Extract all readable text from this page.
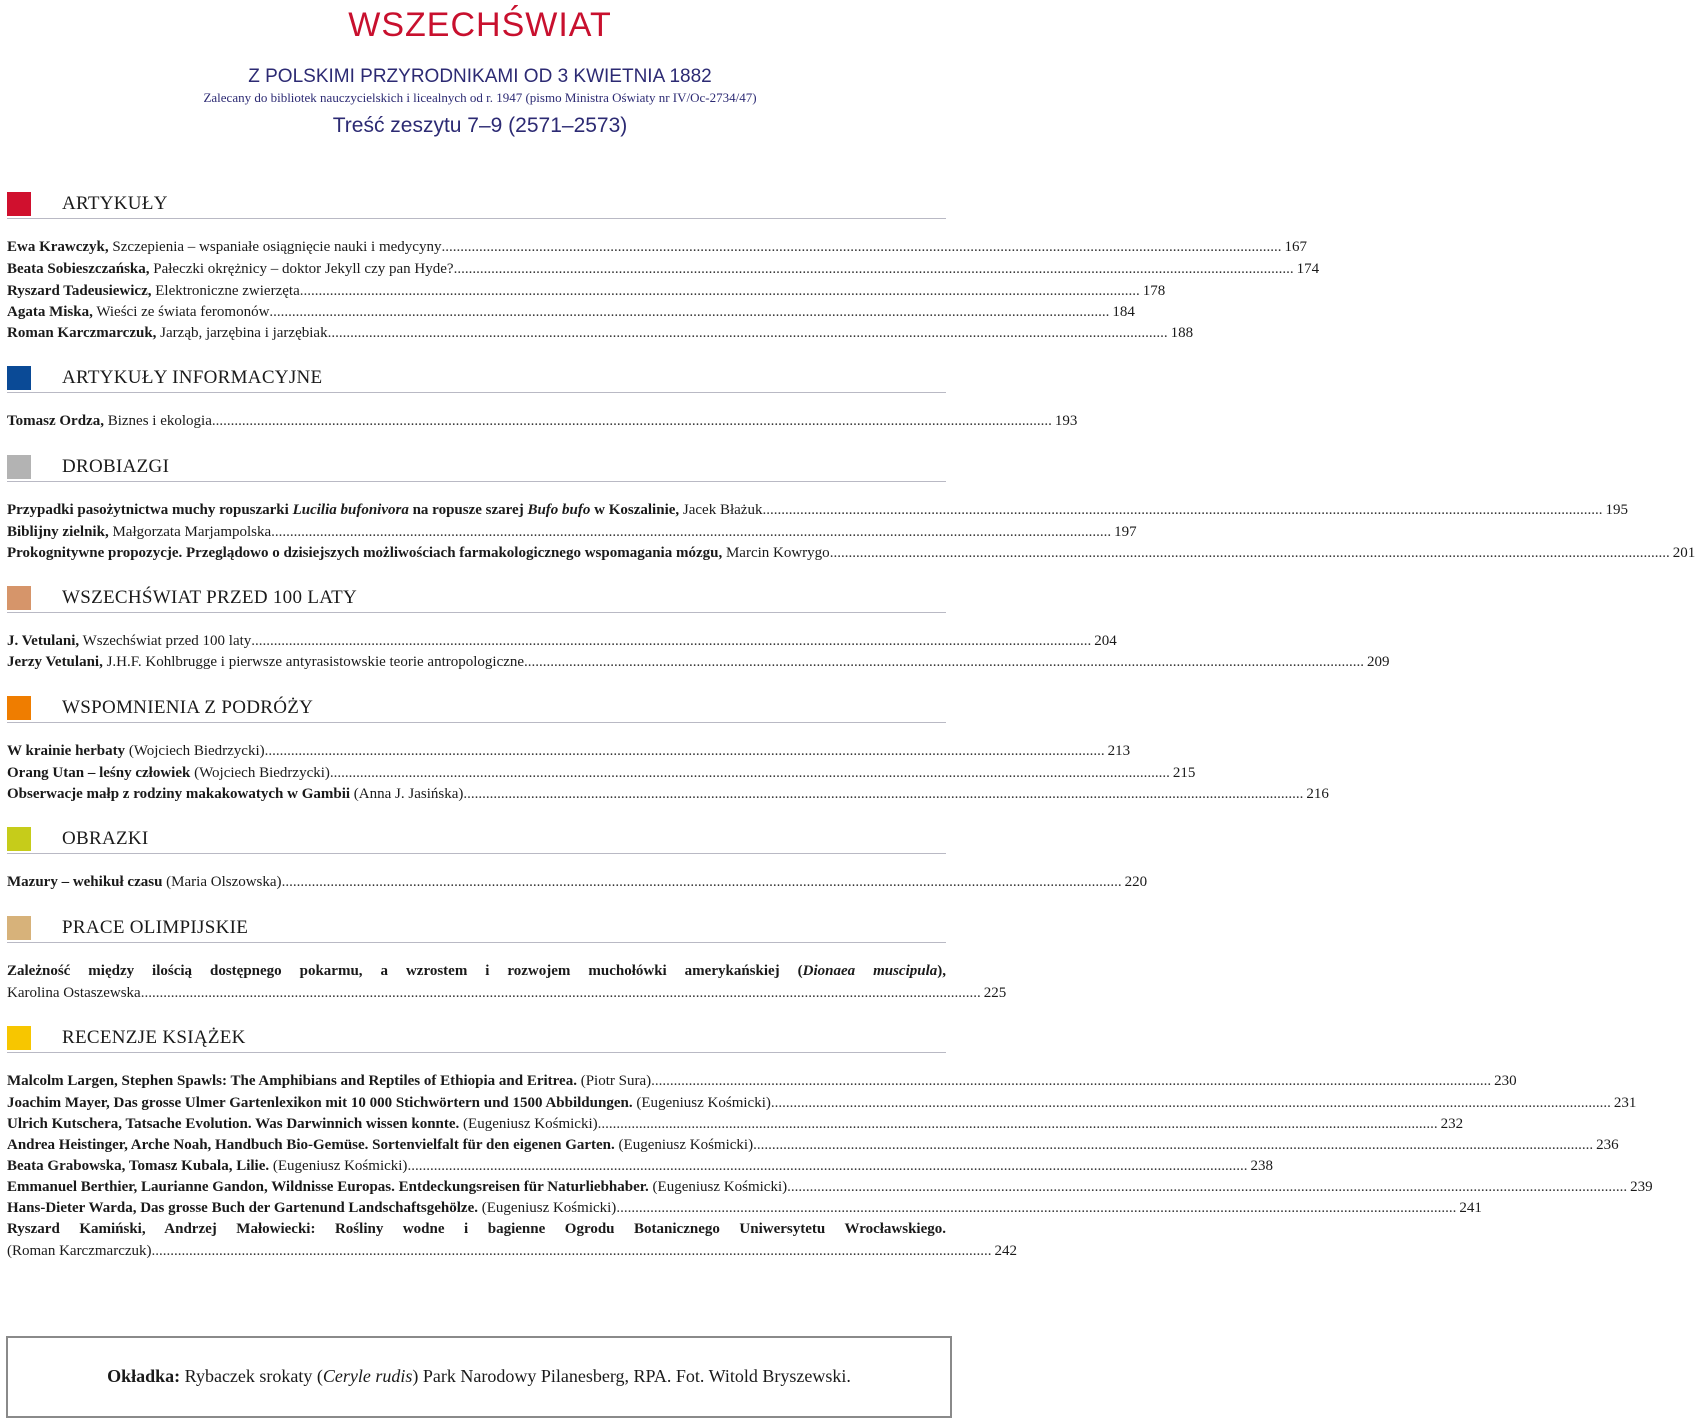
WSZECHŚWIAT
Z POLSKIMI PRZYRODNIKAMI OD 3 KWIETNIA 1882
Zalecany do bibliotek nauczycielskich i licealnych od r. 1947 (pismo Ministra Oświaty nr IV/Oc-2734/47)
Treść zeszytu 7–9 (2571–2573)
ARTYKUŁY
Ewa Krawczyk, Szczepienia – wspaniałe osiągnięcie nauki i medycyny .....	167
Beata Sobieszczańska, Pałeczki okrężnicy – doktor Jekyll czy pan Hyde? .....	174
Ryszard Tadeusiewicz, Elektroniczne zwierzęta .....	178
Agata Miska, Wieści ze świata feromonów .....	184
Roman Karczmarczuk, Jarząb, jarzębina i jarzębiak .....	188
ARTYKUŁY INFORMACYJNE
Tomasz Ordza, Biznes i ekologia .....	193
DROBIAZGI
Przypadki pasożytnictwa muchy ropuszarki Lucilia bufonivora na ropusze szarej Bufo bufo w Koszalinie, Jacek Błażuk .....	195
Biblijny zielnik, Małgorzata Marjampolska .....	197
Prokognitywne propozycje. Przeglądowo o dzisiejszych możliwościach farmakologicznego wspomagania mózgu, Marcin Kowrygo .....	201
WSZECHŚWIAT PRZED 100 LATY
J. Vetulani, Wszechświat przed 100 laty .....	204
Jerzy Vetulani, J.H.F. Kohlbrugge i pierwsze antyrasistowskie teorie antropologiczne .....	209
WSPOMNIENIA Z PODRÓŻY
W krainie herbaty (Wojciech Biedrzycki) .....	213
Orang Utan – leśny człowiek (Wojciech Biedrzycki) .....	215
Obserwacje małp z rodziny makakowatych w Gambii (Anna J. Jasińska) .....	216
OBRAZKI
Mazury – wehikuł czasu (Maria Olszowska) .....	220
PRACE OLIMPIJSKIE
Zależność między ilością dostępnego pokarmu, a wzrostem i rozwojem muchołówki amerykańskiej (Dionaea muscipula),
Karolina Ostaszewska .....	225
RECENZJE KSIĄŻEK
Malcolm Largen, Stephen Spawls: The Amphibians and Reptiles of Ethiopia and Eritrea. (Piotr Sura) .....	230
Joachim Mayer, Das grosse Ulmer Gartenlexikon mit 10 000 Stichwörtern und 1500 Abbildungen. (Eugeniusz Kośmicki) .....	231
Ulrich Kutschera, Tatsache Evolution. Was Darwinnich wissen konnte. (Eugeniusz Kośmicki) .....	232
Andrea Heistinger, Arche Noah, Handbuch Bio-Gemüse. Sortenvielfalt für den eigenen Garten. (Eugeniusz Kośmicki) .....	236
Beata Grabowska, Tomasz Kubala, Lilie. (Eugeniusz Kośmicki) .....	238
Emmanuel Berthier, Laurianne Gandon, Wildnisse Europas. Entdeckungsreisen für Naturliebhaber. (Eugeniusz Kośmicki) .....	239
Hans-Dieter Warda, Das grosse Buch der Gartenund Landschaftsgehölze. (Eugeniusz Kośmicki) .....	241
Ryszard Kamiński, Andrzej Małowiecki: Rośliny wodne i bagienne Ogrodu Botanicznego Uniwersytetu Wrocławskiego.
(Roman Karczmarczuk) .....	242
Okładka: Rybaczek srokaty (Ceryle rudis) Park Narodowy Pilanesberg, RPA. Fot. Witold Bryszewski.
